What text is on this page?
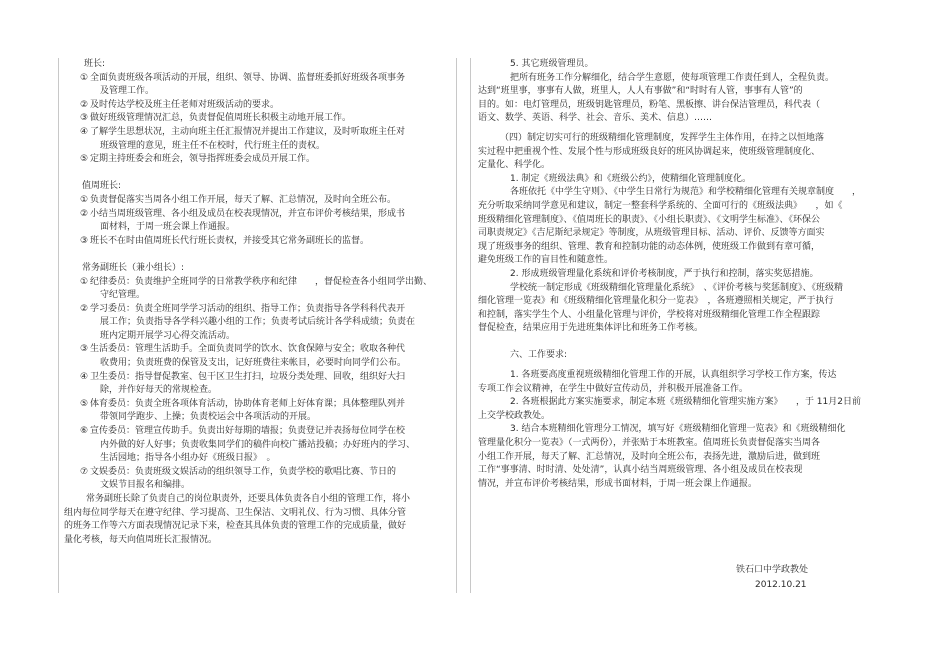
班长:
① 全面负责班级各项活动的开展，组织、领导、协调、监督班委抓好班级各项事务
及管理工作。
② 及时传达学校及班主任老师对班级活动的要求。
③ 做好班级管理情况汇总，负责督促值周班长积极主动地开展工作。
④ 了解学生思想状况，主动向班主任汇报情况并提出工作建议，及时听取班主任对
班级管理的意见，班主任不在校时，代行班主任的责权。
⑤ 定期主持班委会和班会，领导指挥班委会成员开展工作。
值周班长:
① 负责督促落实当周各小组工作开展，每天了解、汇总情况，及时向全班公布。
② 小结当周班级管理、各小组及成员在校表现情况，并宣布评价考核结果，形成书
面材料，于周一班会课上作通报。
③ 班长不在时由值周班长代行班长责权，并接受其它常务副班长的监督。
常务副班长（兼小组长）:
① 纪律委员：负责维护全班同学的日常教学秩序和纪律　　，督促检查各小组同学出勤、
守纪管理。
② 学习委员：负责全班同学学习活动的组织、指导工作；负责指导各学科科代表开
展工作；负责指导各学科兴趣小组的工作；负责考试后统计各学科成绩；负责在
班内定期开展学习心得交流活动。
③ 生活委员：管理生活助手。全面负责同学的饮水、饮食保障与安全；收取各种代
收费用；负责班费的保管及支出，记好班费往来帐目，必要时向同学们公布。
④ 卫生委员：指导督促教室、包干区卫生打扫，垃圾分类处理、回收，组织好大扫
除，并作好每天的常规检查。
⑤ 体育委员：负责全班各项体育活动，协助体育老师上好体育课；具体整理队列并
带领同学跑步、上操；负责校运会中各项活动的开展。
⑥ 宣传委员：管理宣传助手。负责出好每期的墙报；负责登记并表扬每位同学在校
内外做的好人好事；负责收集同学们的稿件向校广播站投稿；办好班内的学习、
生活园地；指导各小组办好《班级日报》　。
⑦ 文娱委员：负责班级文娱活动的组织领导工作，负责学校的歌唱比赛、节日的
文娱节目报名和编排。
常务副班长除了负责自己的岗位职责外，还要具体负责各自小组的管理工作，将小
组内每位同学每天在遵守纪律、学习提高、卫生保洁、文明礼仪、行为习惯、具体分管
的班务工作等六方面表现情况记录下来，检查其具体负责的管理工作的完成质量，做好
量化考核，每天向值周班长汇报情况。
5. 其它班级管理员。
把所有班务工作分解细化，结合学生意愿，使每项管理工作责任到人，全程负责。
达到“班里事，事事有人做，班里人，人人有事做”和“时时有人管，事事有人管”的
目的。如：电灯管理员，班级钥匙管理员，粉笔、黑板擦、讲台保洁管理员，科代表（
语文、数学、英语、科学、社会、音乐、美术、信息）……
（四）制定切实可行的班级精细化管理制度，发挥学生主体作用，在持之以恒地落
实过程中把重视个性、发展个性与形成班级良好的班风协调起来，使班级管理制度化、
定量化、科学化。
1. 制定《班级法典》和《班级公约》，使精细化管理制度化。
各班依托《中学生守则》、《中学生日常行为规范》和学校精细化管理有关规章制度　　，
充分听取采纳同学意见和建议，制定一整套科学系统的、全面可行的《班级法典》　　，如《
班级精细化管理制度》、《值周班长的职责》、《小组长职责》、《文明学生标准》、《环保公
司职责规定》《吉尼斯纪录规定》等制度，从班级管理目标、活动、评价、反馈等方面实
现了班级事务的组织、管理、教育和控制功能的动态体例，使班级工作做到有章可循，
避免班级工作的盲目性和随意性。
2. 形成班级管理量化系统和评价考核制度，严于执行和控制，落实奖惩措施。
学校统一制定形成《班级精细化管理量化系统》　、《评价考核与奖惩制度》、《班级精
细化管理一览表》和《班级精细化管理量化积分一览表》　，各班遵照相关规定，严于执行
和控制，落实学生个人、小组量化管理与评价，学校将对班级精细化管理工作全程跟踪
督促检查，结果应用于先进班集体评比和班务工作考核。
六、工作要求:
1. 各班要高度重视班级精细化管理工作的开展，认真组织学习学校工作方案，传达
专项工作会议精神，在学生中做好宣传动员，并积极开展准备工作。
2. 各班根据此方案实施要求，制定本班《班级精细化管理实施方案》　　，于 11月2日前
上交学校政教处。
3. 结合本班精细化管理分工情况，填写好《班级精细化管理一览表》和《班级精细化
管理量化积分一览表》（一式两份），并张贴于本班教室。值周班长负责督促落实当周各
小组工作开展，每天了解、汇总情况，及时向全班公布，表扬先进，激励后进，做到班
工作“事事清、时时清、处处清”，认真小结当周班级管理、各小组及成员在校表现
情况，并宣布评价考核结果，形成书面材料，于周一班会课上作通报。
铁石口中学政教处
2012.10.21
